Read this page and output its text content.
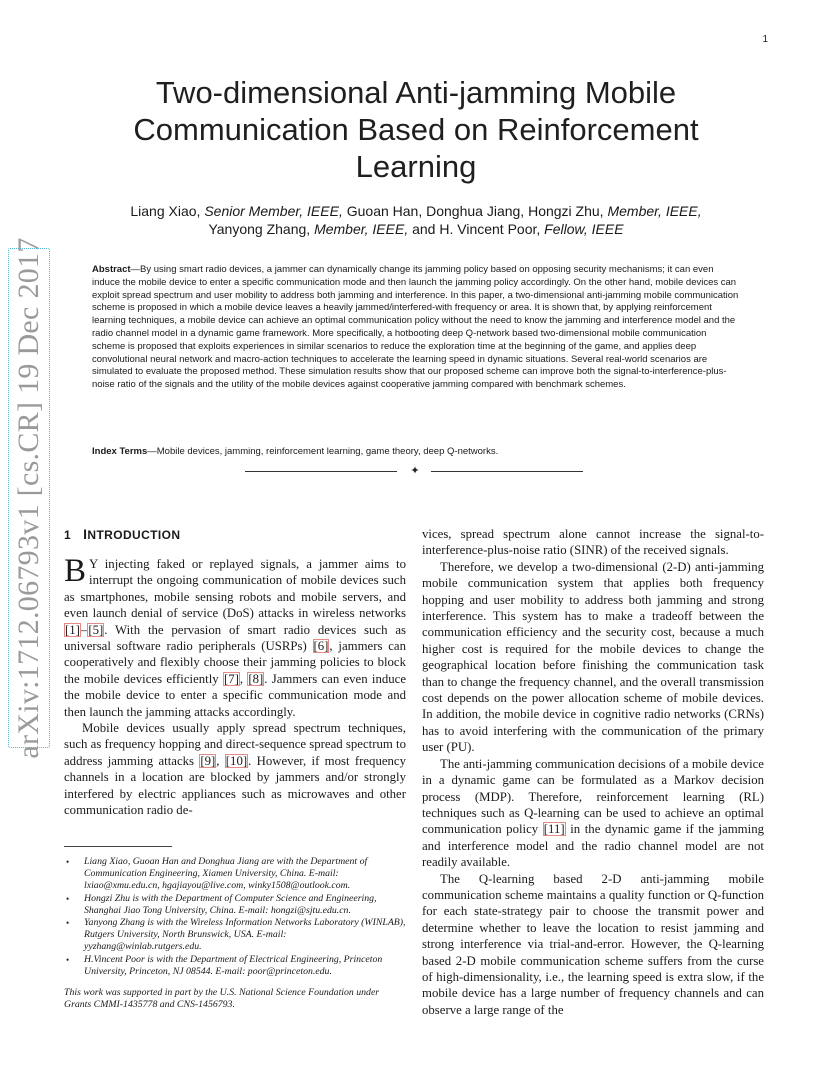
1
arXiv:1712.06793v1 [cs.CR] 19 Dec 2017
Two-dimensional Anti-jamming Mobile Communication Based on Reinforcement Learning
Liang Xiao, Senior Member, IEEE, Guoan Han, Donghua Jiang, Hongzi Zhu, Member, IEEE,
Yanyong Zhang, Member, IEEE, and H. Vincent Poor, Fellow, IEEE
Abstract—By using smart radio devices, a jammer can dynamically change its jamming policy based on opposing security mechanisms; it can even induce the mobile device to enter a specific communication mode and then launch the jamming policy accordingly. On the other hand, mobile devices can exploit spread spectrum and user mobility to address both jamming and interference. In this paper, a two-dimensional anti-jamming mobile communication scheme is proposed in which a mobile device leaves a heavily jammed/interfered-with frequency or area. It is shown that, by applying reinforcement learning techniques, a mobile device can achieve an optimal communication policy without the need to know the jamming and interference model and the radio channel model in a dynamic game framework. More specifically, a hotbooting deep Q-network based two-dimensional mobile communication scheme is proposed that exploits experiences in similar scenarios to reduce the exploration time at the beginning of the game, and applies deep convolutional neural network and macro-action techniques to accelerate the learning speed in dynamic situations. Several real-world scenarios are simulated to evaluate the proposed method. These simulation results show that our proposed scheme can improve both the signal-to-interference-plus-noise ratio of the signals and the utility of the mobile devices against cooperative jamming compared with benchmark schemes.
Index Terms—Mobile devices, jamming, reinforcement learning, game theory, deep Q-networks.
✦
1 INTRODUCTION

B Y injecting faked or replayed signals, a jammer aims to interrupt the ongoing communication of mobile devices such as smartphones, mobile sensing robots and mobile servers, and even launch denial of service (DoS) attacks in wireless networks [1]–[5]. With the pervasion of smart radio devices such as universal software radio peripherals (USRPs) [6], jammers can cooperatively and flexibly choose their jamming policies to block the mobile devices efficiently [7], [8]. Jammers can even induce the mobile device to enter a specific communication mode and then launch the jamming attacks accordingly.

Mobile devices usually apply spread spectrum techniques, such as frequency hopping and direct-sequence spread spectrum to address jamming attacks [9], [10]. However, if most frequency channels in a location are blocked by jammers and/or strongly interfered by electric appliances such as microwaves and other communication radio de-

vices, spread spectrum alone cannot increase the signal-to-interference-plus-noise ratio (SINR) of the received signals.

Therefore, we develop a two-dimensional (2-D) anti-jamming mobile communication system that applies both frequency hopping and user mobility to address both jamming and strong interference. This system has to make a tradeoff between the communication efficiency and the security cost, because a much higher cost is required for the mobile devices to change the geographical location before finishing the communication task than to change the frequency channel, and the overall transmission cost depends on the power allocation scheme of mobile devices. In addition, the mobile device in cognitive radio networks (CRNs) has to avoid interfering with the communication of the primary user (PU).

The anti-jamming communication decisions of a mobile device in a dynamic game can be formulated as a Markov decision process (MDP). Therefore, reinforcement learning (RL) techniques such as Q-learning can be used to achieve an optimal communication policy [11] in the dynamic game if the jamming and interference model and the radio channel model are not readily available.

The Q-learning based 2-D anti-jamming mobile communication scheme maintains a quality function or Q-function for each state-strategy pair to choose the transmit power and determine whether to leave the location to resist jamming and strong interference via trial-and-error. However, the Q-learning based 2-D mobile communication scheme suffers from the curse of high-dimensionality, i.e., the learning speed is extra slow, if the mobile device has a large number of frequency channels and can observe a large range of the

• Liang Xiao, Guoan Han and Donghua Jiang are with the Department of Communication Engineering, Xiamen University, China. E-mail: lxiao@xmu.edu.cn, hgajiayou@live.com, winky1508@outlook.com.
• Hongzi Zhu is with the Department of Computer Science and Engineering, Shanghai Jiao Tong University, China. E-mail: hongzi@sjtu.edu.cn.
• Yanyong Zhang is with the Wireless Information Networks Laboratory (WINLAB), Rutgers University, North Brunswick, USA. E-mail: yyzhang@winlab.rutgers.edu.
• H.Vincent Poor is with the Department of Electrical Engineering, Princeton University, Princeton, NJ 08544. E-mail: poor@princeton.edu.

This work was supported in part by the U.S. National Science Foundation under Grants CMMI-1435778 and CNS-1456793.
